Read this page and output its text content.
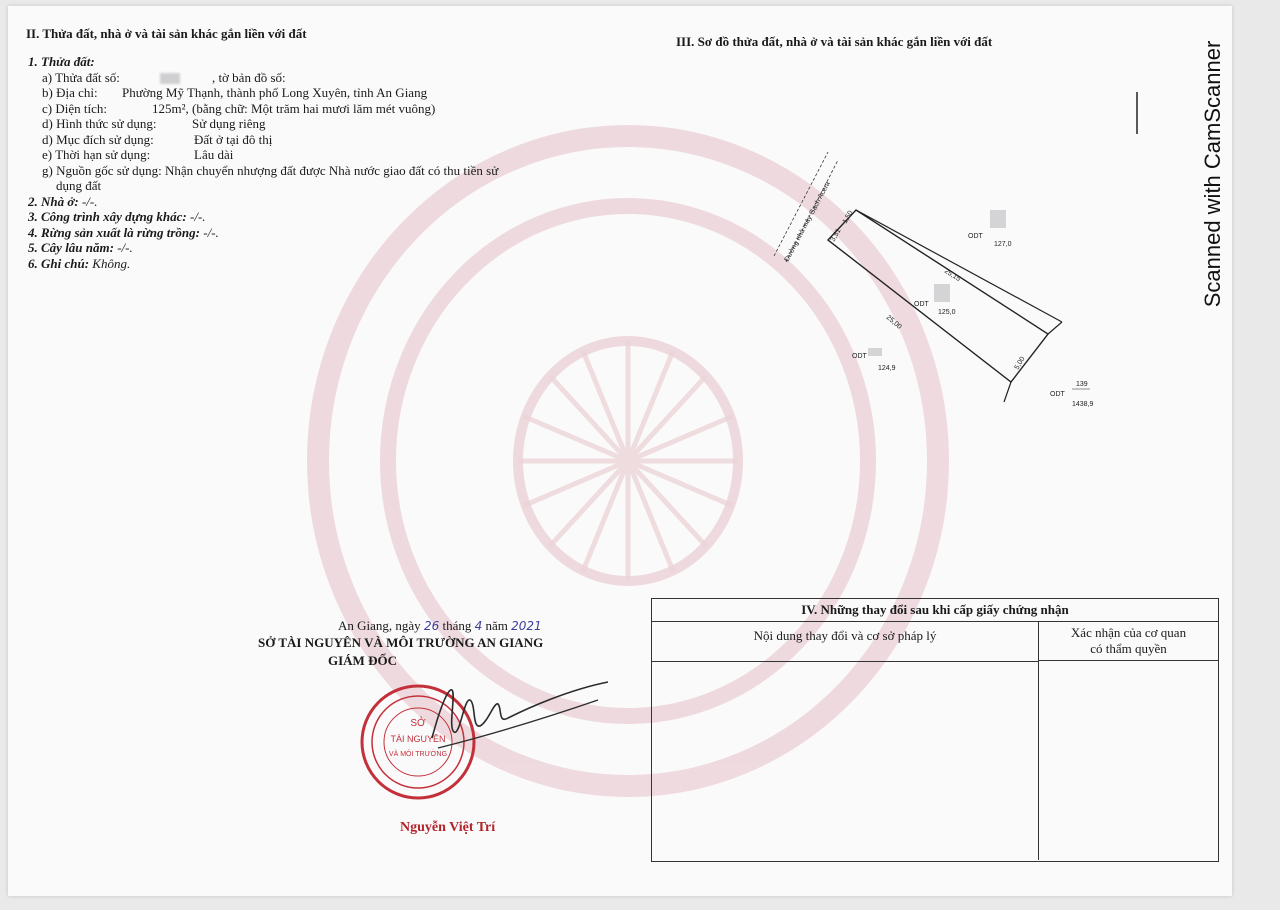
II. Thửa đất, nhà ở và tài sản khác gắn liền với đất
1. Thửa đất:
a) Thửa đất số:	, tờ bản đồ số:
b) Địa chỉ: Phường Mỹ Thạnh, thành phố Long Xuyên, tỉnh An Giang
c) Diện tích:	125m², (bằng chữ: Một trăm hai mươi lăm mét vuông)
d) Hình thức sử dụng:	Sử dụng riêng
d) Mục đích sử dụng:	Đất ở tại đô thị
e) Thời hạn sử dụng:	Lâu dài
g) Nguồn gốc sử dụng: Nhận chuyển nhượng đất được Nhà nước giao đất có thu tiền sử
dụng đất
2. Nhà ở: -/-.
3. Công trình xây dựng khác: -/-.
4. Rừng sản xuất là rừng trồng: -/-.
5. Cây lâu năm: -/-.
6. Ghi chú: Không.
III. Sơ đồ thửa đất, nhà ở và tài sản khác gắn liền với đất
Đường nhà máy Gạch Acera
25,15
25,00
5,00
3,51
1,50
ODT
127,0
ODT
125,0
ODT
124,9
ODT
139
1438,9
An Giang, ngày 26 tháng 4 năm 2021
SỞ TÀI NGUYÊN VÀ MÔI TRƯỜNG AN GIANG
GIÁM ĐỐC
SỞ
TÀI NGUYÊN
VÀ MÔI TRƯỜNG
Nguyễn Việt Trí
IV. Những thay đổi sau khi cấp giấy chứng nhận
Nội dung thay đổi và cơ sở pháp lý	Xác nhận của cơ quan
có thẩm quyền
Scanned with CamScanner
